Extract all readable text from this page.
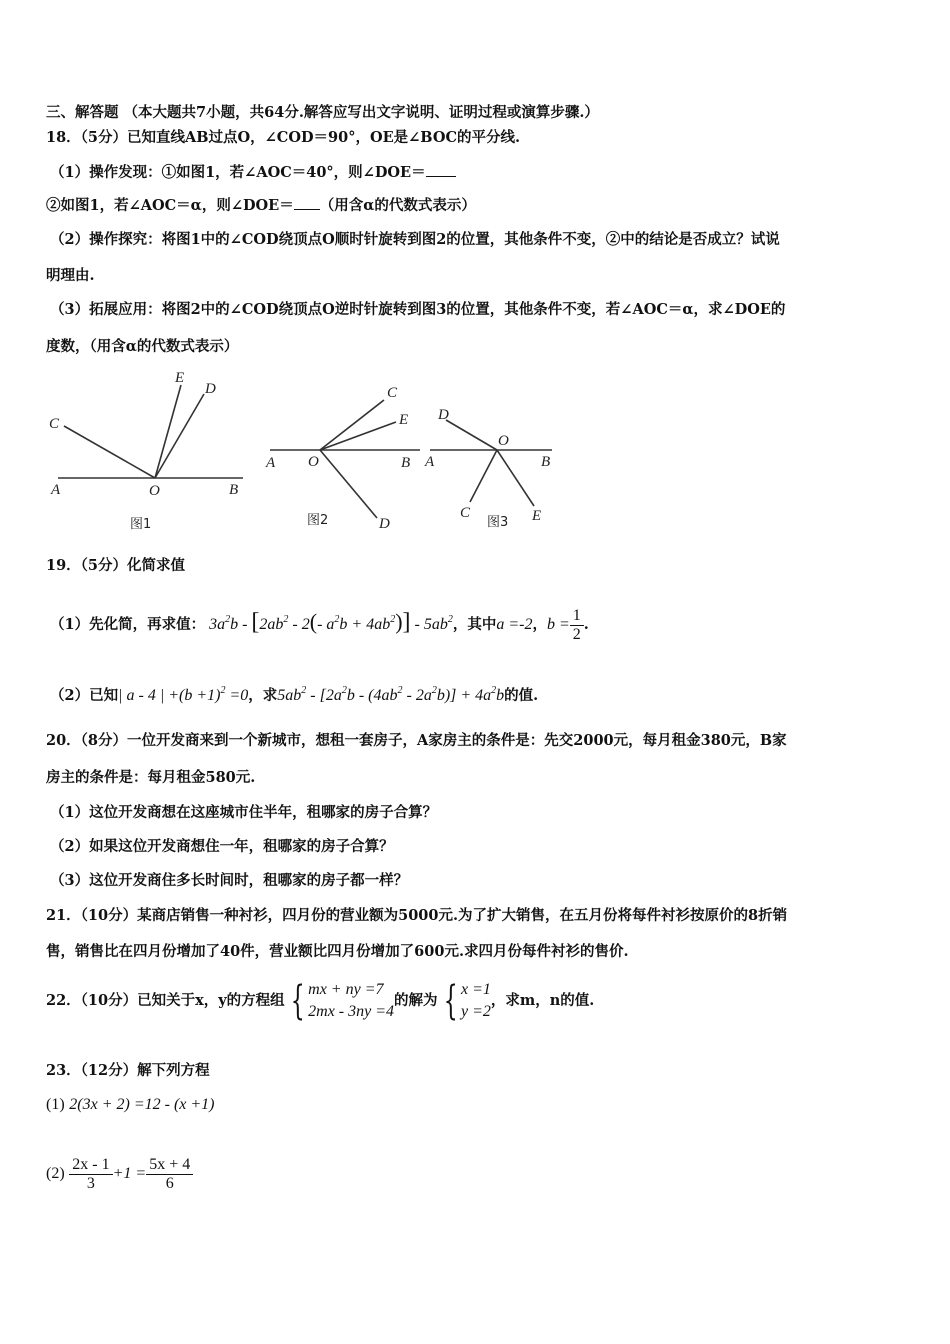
三、解答题 （本大题共7小题，共64分.解答应写出文字说明、证明过程或演算步骤.）
18．（5分）已知直线AB过点O，∠COD＝90°，OE是∠BOC的平分线.
（1）操作发现：①如图1，若∠AOC＝40°，则∠DOE＝
②如图1，若∠AOC＝α，则∠DOE＝ （用含α的代数式表示）
（2）操作探究：将图1中的∠COD绕顶点O顺时针旋转到图2的位置，其他条件不变，②中的结论是否成立？试说
明理由.
（3）拓展应用：将图2中的∠COD绕顶点O逆时针旋转到图3的位置，其他条件不变，若∠AOC＝α，求∠DOE的
度数，（用含α的代数式表示）
C
E
D
A	O	B
图1
C
E
A O	B
D
图2
D
O
A	B
C	E
图3
19．（5分）化简求值
（1）先化简，再求值： $3a^2b - [2ab^2 - 2(-$ $a^2b + 4ab^2)] - 5ab^2$，其中a =-2，$b = \frac{1}{2}$ .
（2）已知| a - 4 | $+(b +1)^2 =0$，求$5ab^2 - [2a^2b - (4ab^2 - 2a^2b)] + 4a^2b$的值.
20．（8分）一位开发商来到一个新城市，想租一套房子，A家房主的条件是：先交2000元，每月租金380元，B家
房主的条件是：每月租金580元.
（1）这位开发商想在这座城市住半年，租哪家的房子合算？
（2）如果这位开发商想住一年，租哪家的房子合算？
（3）这位开发商住多长时间时，租哪家的房子都一样？
21．（10分）某商店销售一种衬衫，四月份的营业额为5000元.为了扩大销售，在五月份将每件衬衫按原价的8折销
售，销售比在四月份增加了40件，营业额比四月份增加了600元.求四月份每件衬衫的售价.
22．（10分）已知关于x，y的方程组 { mx + ny =7
2mx - 3ny =4
的解为 { x =1
y =2
，求m，n的值.
23．（12分）解下列方程
(1) 2(3x + 2) =12 - (x +1)
$(2) \frac{2x - 1}{3} +1 = \frac{5x + 4}{6}$
